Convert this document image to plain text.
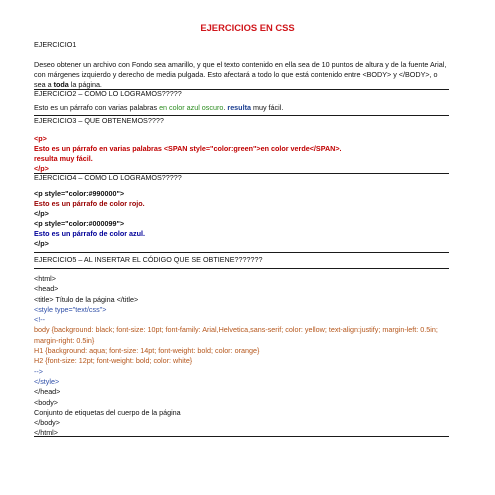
EJERCICIOS EN CSS
EJERCICIO1
Deseo obtener un archivo con Fondo sea amarillo, y que el texto contenido en ella sea de 10 puntos de altura y de la fuente Arial, con márgenes izquierdo y derecho de media pulgada. Esto afectará a todo lo que está contenido entre <BODY> y </BODY>, o sea a toda la página.
EJERCICIO2 – COMO LO LOGRAMOS?????
Esto es un párrafo con varias palabras en color azul oscuro. resulta muy fácil.
EJERCICIO3 – QUE OBTENEMOS????
<p>
Esto es un párrafo en varias palabras <SPAN style="color:green">en color verde</SPAN>.
resulta muy fácil.
</p>
EJERCICIO4 – COMO LO LOGRAMOS?????
<p style="color:#990000">
Esto es un párrafo de color rojo.
</p>
<p style="color:#000099">
Esto es un párrafo de color azul.
</p>
EJERCICIO5 – AL INSERTAR EL CÓDIGO QUE SE OBTIENE???????
<html>
<head>
<title> Título de la página </title>
<style type="text/css">
<!--
body {background: black; font-size: 10pt; font-family: Arial,Helvetica,sans-serif; color: yellow; text-align:justify; margin-left: 0.5in; margin-right: 0.5in}
H1 {background: aqua; font-size: 14pt; font-weight: bold; color: orange}
H2 {font-size: 12pt; font-weight: bold; color: white}
-->
</style>
</head>
<body>
Conjunto de etiquetas del cuerpo de la página
</body>
</html>
